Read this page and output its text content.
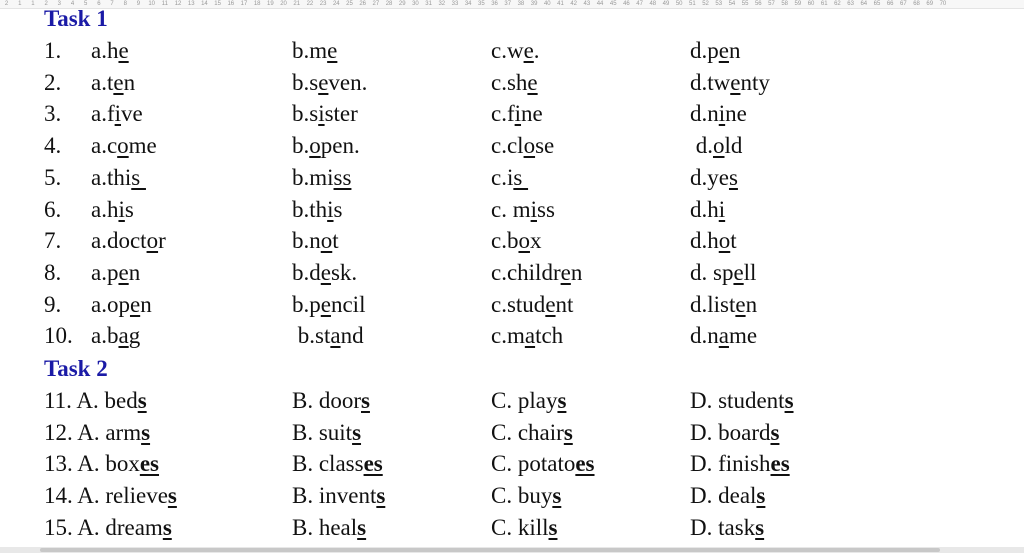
2 1 1 2 3 4 5 6 7 8 9 10 11 12 13 14 15 16 17 18 19 20 21 22 23 24 25 26 27 28 29 30 31 32 33 34 35 36 37 38 39 40 41 42 43 44 45 46 47 48 49 50 51 52 53 54 55 56 57 58 59 60 61 62 63 64 65 66 67 68 69 70
Task 1
1. a.he	b.me	c.we.	d.pen
2. a.ten	b.seven.	c.she	d.twenty
3. a.five	b.sister	c.fine	d.nine
4. a.come	b.open.	c.close	d.old
5. a.this	b.miss	c.is	d.yes
6. a.his	b.this	c. miss	d.hi
7. a.doctor	b.not	c.box	d.hot
8. a.pen	b.desk.	c.children	d. spell
9. a.open	b.pencil	c.student	d.listen
10. a.bag	b.stand	c.match	d.name
Task 2
11. A. beds	B. doors	C. plays	D. students
12. A. arms	B. suits	C. chairs	D. boards
13. A. boxes	B. classes	C. potatoes	D. finishes
14. A. relieves	B. invents	C. buys	D. deals
15. A. dreams	B. heals	C. kills	D. tasks
